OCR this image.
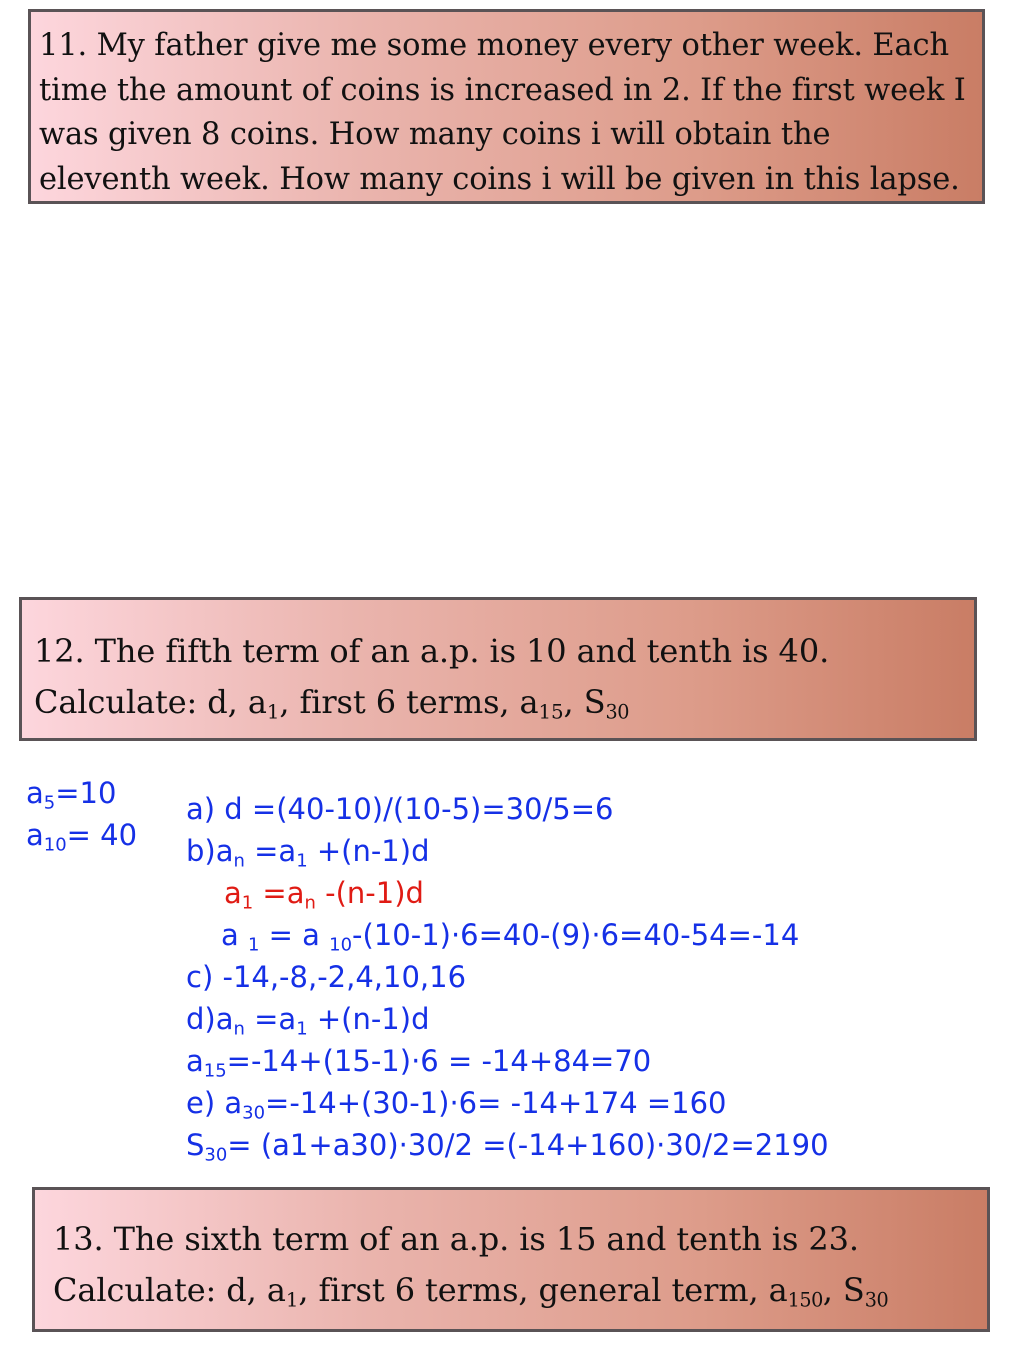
11. My father give me some money every other week. Each
time the amount of coins is increased in 2. If the first week I
was given 8 coins. How many coins i will obtain the
eleventh week. How many coins i will be given in this lapse.
12. The fifth term of an a.p. is 10 and tenth is 40.
Calculate: d, a1, first 6 terms, a15, S30
$a_5=10$
$a_{10}= 40$
a) d =(40-10)/(10-5)=30/5=6
$b)a_n =a_1 +(n-1)d$
$a_1 =a_n$ -(n-1)d
a $_1$ = a $_{10}$-(10-1)·6=40-(9)·6=40-54=-14
c) -14,-8,-2,4,10,16
$d)a_n =a_1 +(n-1)d$
$a_{15}=-14+(15-1)\cdot 6 = -14+84=70$
e) $a_{30}=-14+(30-1)\cdot 6= -14+174 =160$
$S_{30}= (a1+a30)\cdot 30/2 =(-14+160)\cdot 30/2=2190$
13. The sixth term of an a.p. is 15 and tenth is 23.
Calculate: d, a1, first 6 terms, general term, a150, S30
